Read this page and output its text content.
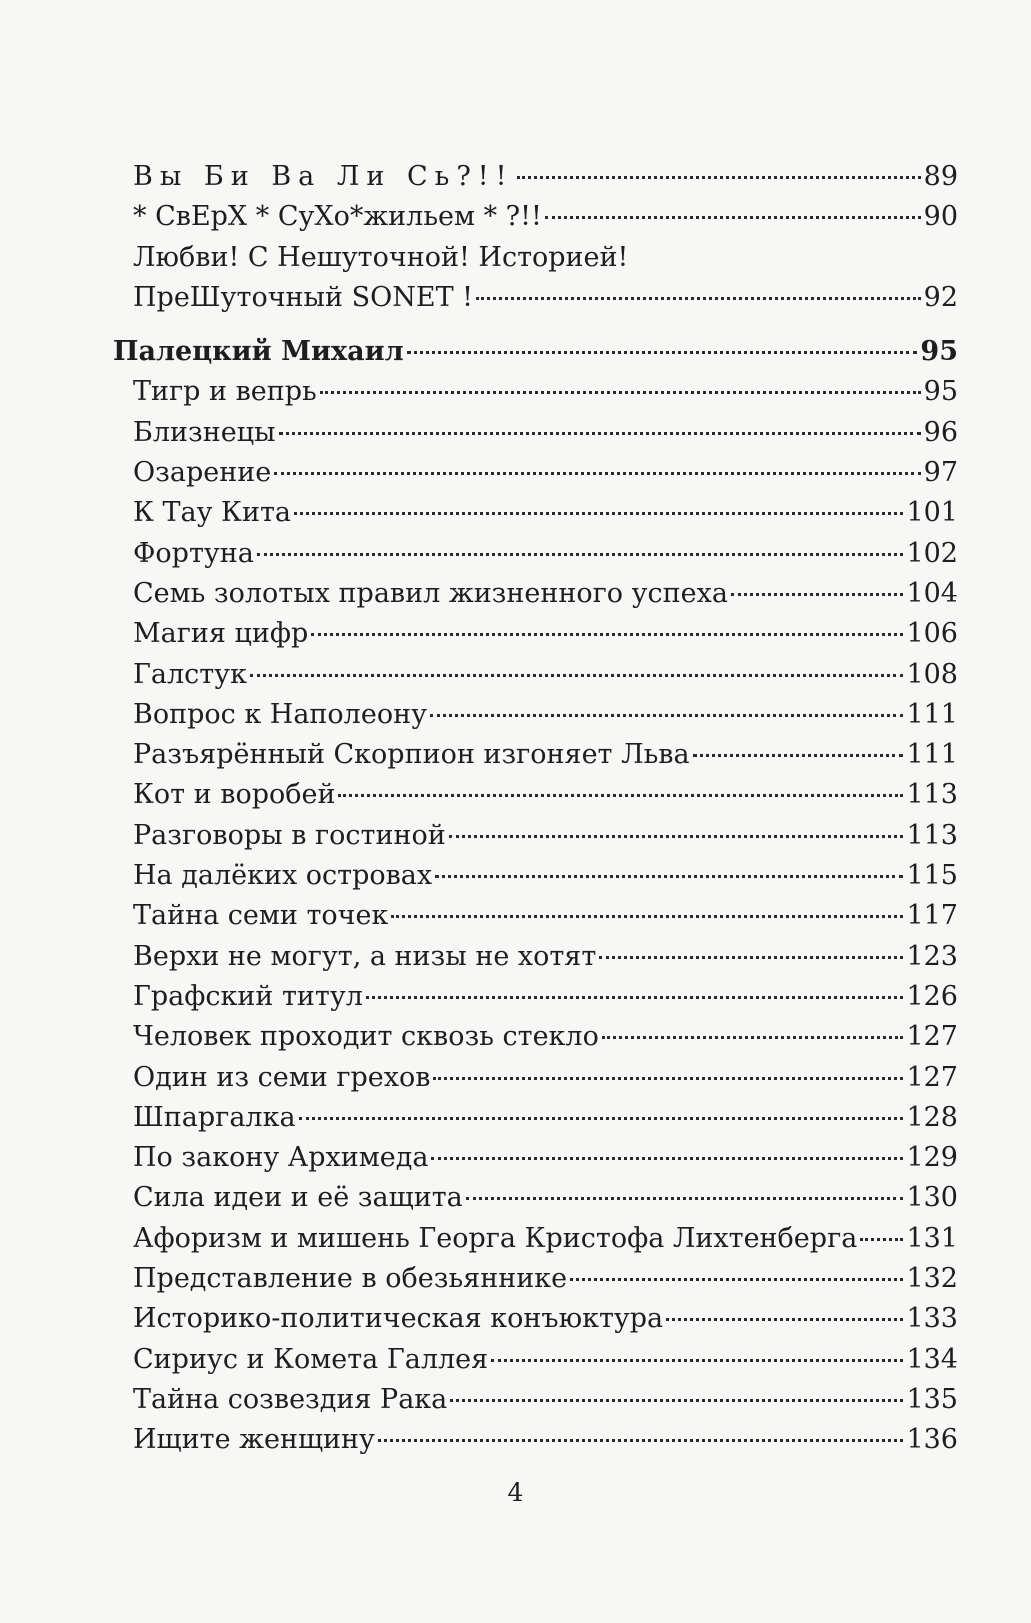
Вы Би Ва Ли Сь?!!	89
* СвЕрХ * СуХо*жильем * ?!!	90
Любви! С Нешуточной! Историей!
ПреШуточный SONET !	92
Палецкий Михаил	95
Тигр и вепрь	95
Близнецы	96
Озарение	97
К Тау Кита	101
Фортуна	102
Семь золотых правил жизненного успеха	104
Магия цифр	106
Галстук	108
Вопрос к Наполеону	111
Разъярённый Скорпион изгоняет Льва	111
Кот и воробей	113
Разговоры в гостиной	113
На далёких островах	115
Тайна семи точек	117
Верхи не могут, а низы не хотят	123
Графский титул	126
Человек проходит сквозь стекло	127
Один из семи грехов	127
Шпаргалка	128
По закону Архимеда	129
Сила идеи и её защита	130
Афоризм и мишень Георга Кристофа Лихтенберга 131
Представление в обезьяннике	132
Историко-политическая конъюктура	133
Сириус и Комета Галлея	134
Тайна созвездия Рака	135
Ищите женщину	136
4
